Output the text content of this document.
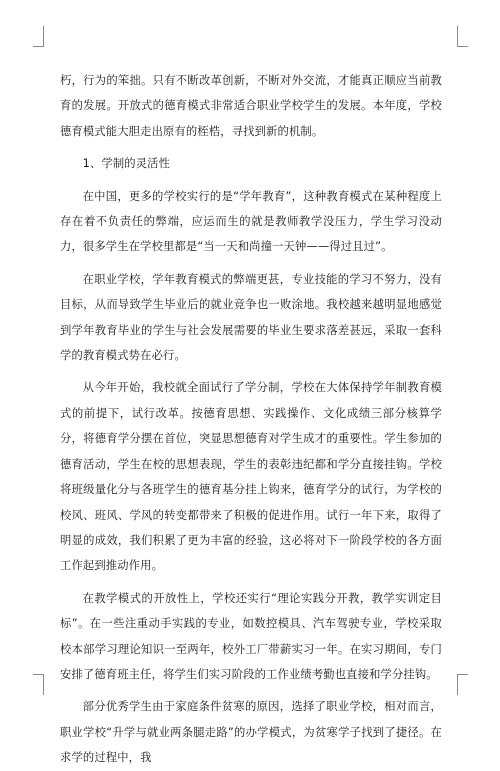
朽，行为的笨拙。只有不断改革创新，不断对外交流，才能真正顺应当前教育的发展。开放式的德育模式非常适合职业学校学生的发展。本年度，学校德育模式能大胆走出原有的桎梏，寻找到新的机制。

1、学制的灵活性

在中国，更多的学校实行的是“学年教育”，这种教育模式在某种程度上存在着不负责任的弊端，应运而生的就是教师教学没压力，学生学习没动力，很多学生在学校里都是“当一天和尚撞一天钟——得过且过”。

在职业学校，学年教育模式的弊端更甚，专业技能的学习不努力，没有目标，从而导致学生毕业后的就业竞争也一败涂地。我校越来越明显地感觉到学年教育毕业的学生与社会发展需要的毕业生要求落差甚远，采取一套科学的教育模式势在必行。

从今年开始，我校就全面试行了学分制，学校在大体保持学年制教育模式的前提下，试行改革。按德育思想、实践操作、文化成绩三部分核算学分，将德育学分摆在首位，突显思想德育对学生成才的重要性。学生参加的德育活动，学生在校的思想表现，学生的表彰违纪都和学分直接挂钩。学校将班级量化分与各班学生的德育基分挂上钩来，德育学分的试行，为学校的校风、班风、学风的转变都带来了积极的促进作用。试行一年下来，取得了明显的成效，我们积累了更为丰富的经验，这必将对下一阶段学校的各方面工作起到推动作用。

在教学模式的开放性上，学校还实行“理论实践分开教，教学实训定目标”。在一些注重动手实践的专业，如数控模具、汽车驾驶专业，学校采取校本部学习理论知识一至两年，校外工厂带薪实习一年。在实习期间，专门安排了德育班主任，将学生们实习阶段的工作业绩考勤也直接和学分挂钩。

部分优秀学生由于家庭条件贫寒的原因，选择了职业学校，相对而言，职业学校“升学与就业两条腿走路”的办学模式，为贫寒学子找到了捷径。在求学的过程中，我
